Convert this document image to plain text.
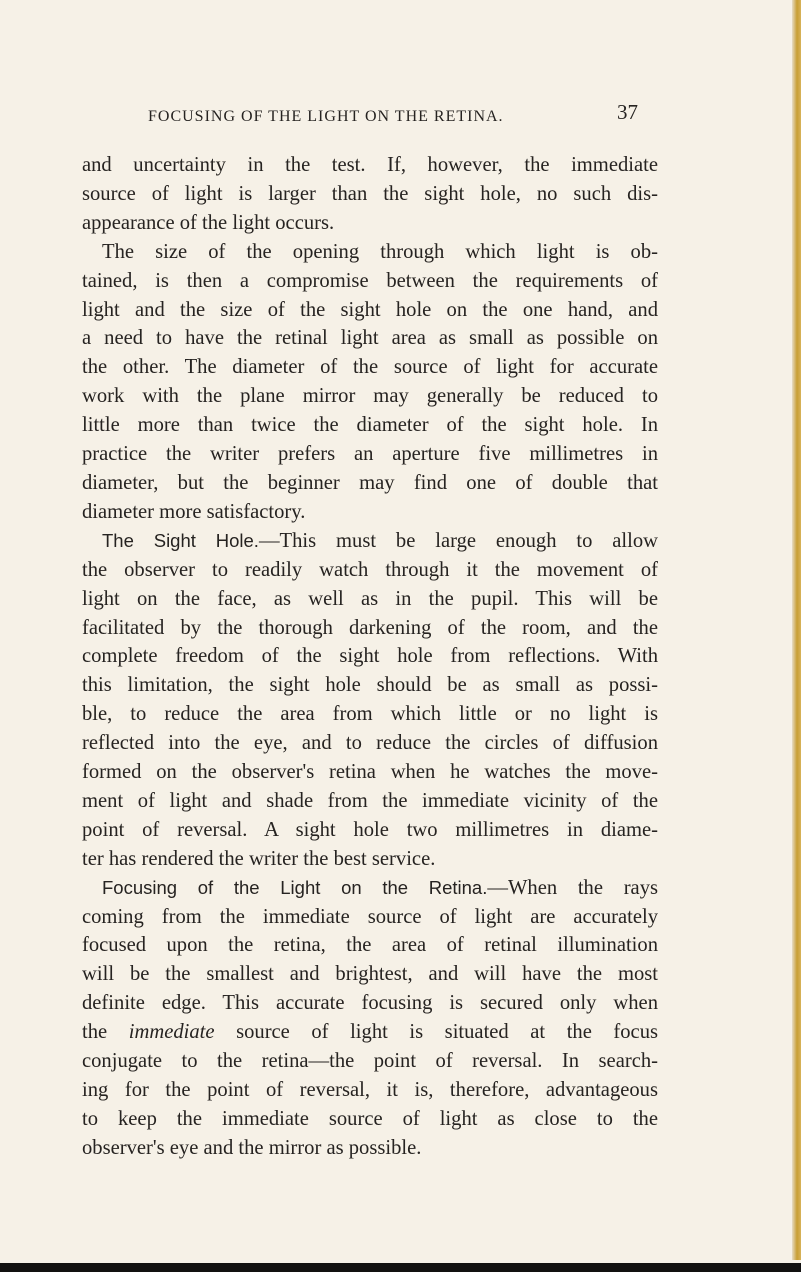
FOCUSING OF THE LIGHT ON THE RETINA.	37
and uncertainty in the test. If, however, the immediate
source of light is larger than the sight hole, no such dis-
appearance of the light occurs.
The size of the opening through which light is ob-
tained, is then a compromise between the requirements of
light and the size of the sight hole on the one hand, and
a need to have the retinal light area as small as possible on
the other. The diameter of the source of light for accurate
work with the plane mirror may generally be reduced to
little more than twice the diameter of the sight hole. In
practice the writer prefers an aperture five millimetres in
diameter, but the beginner may find one of double that
diameter more satisfactory.
The Sight Hole.—This must be large enough to allow
the observer to readily watch through it the movement of
light on the face, as well as in the pupil. This will be
facilitated by the thorough darkening of the room, and the
complete freedom of the sight hole from reflections. With
this limitation, the sight hole should be as small as possi-
ble, to reduce the area from which little or no light is
reflected into the eye, and to reduce the circles of diffusion
formed on the observer's retina when he watches the move-
ment of light and shade from the immediate vicinity of the
point of reversal. A sight hole two millimetres in diame-
ter has rendered the writer the best service.
Focusing of the Light on the Retina.—When the rays
coming from the immediate source of light are accurately
focused upon the retina, the area of retinal illumination
will be the smallest and brightest, and will have the most
definite edge. This accurate focusing is secured only when
the immediate source of light is situated at the focus
conjugate to the retina—the point of reversal. In search-
ing for the point of reversal, it is, therefore, advantageous
to keep the immediate source of light as close to the
observer's eye and the mirror as possible.
